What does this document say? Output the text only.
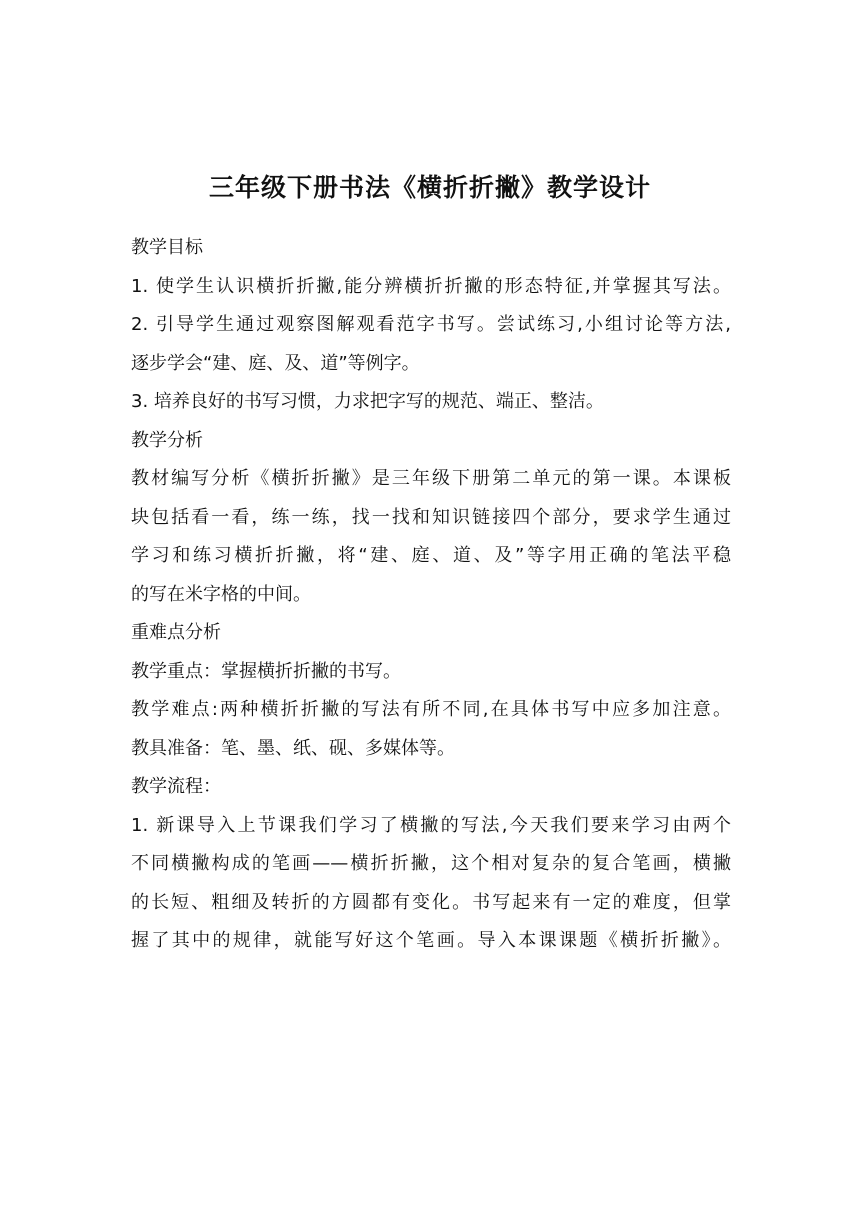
三年级下册书法《横折折撇》教学设计
教学目标
1. 使学生认识横折折撇,能分辨横折折撇的形态特征,并掌握其写法。
2. 引导学生通过观察图解观看范字书写。尝试练习,小组讨论等方法,
逐步学会“建、庭、及、道”等例字。
3. 培养良好的书写习惯，力求把字写的规范、端正、整洁。
教学分析
教材编写分析《横折折撇》是三年级下册第二单元的第一课。本课板
块包括看一看，练一练，找一找和知识链接四个部分，要求学生通过
学习和练习横折折撇，将“建、庭、道、及”等字用正确的笔法平稳
的写在米字格的中间。
重难点分析
教学重点：掌握横折折撇的书写。
教学难点:两种横折折撇的写法有所不同,在具体书写中应多加注意。
教具准备：笔、墨、纸、砚、多媒体等。
教学流程：
1. 新课导入上节课我们学习了横撇的写法,今天我们要来学习由两个
不同横撇构成的笔画——横折折撇，这个相对复杂的复合笔画，横撇
的长短、粗细及转折的方圆都有变化。书写起来有一定的难度，但掌
握了其中的规律，就能写好这个笔画。导入本课课题《横折折撇》。
